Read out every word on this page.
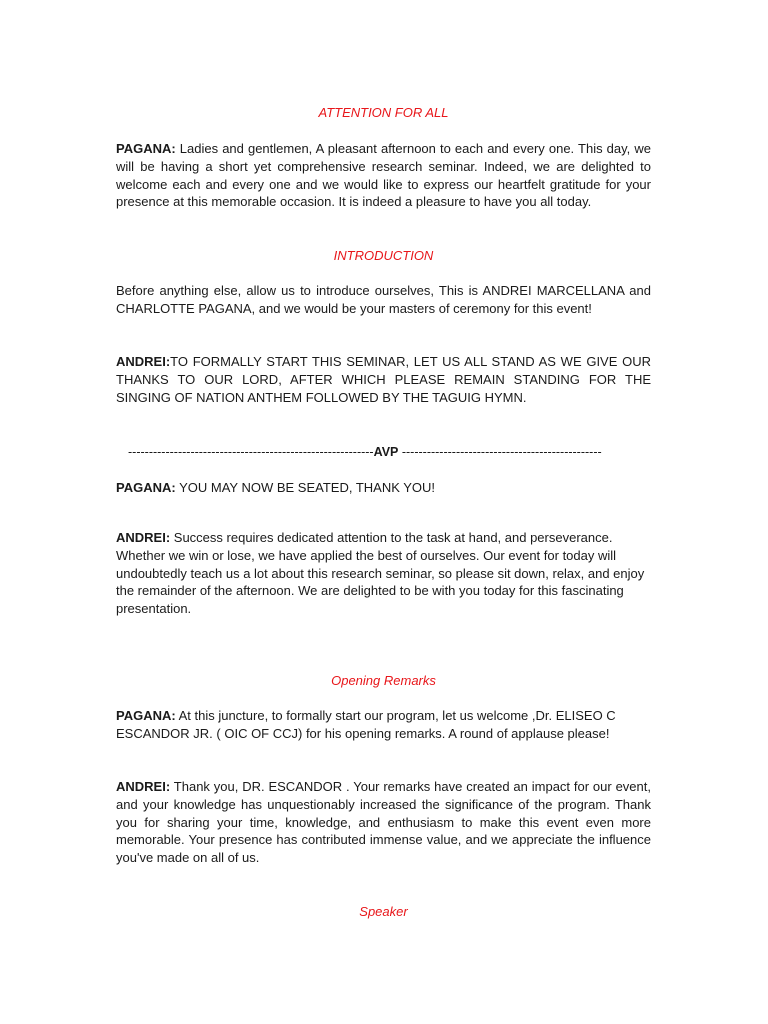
ATTENTION FOR ALL

PAGANA: Ladies and gentlemen, A pleasant afternoon to each and every one. This day, we will be having a short yet comprehensive research seminar. Indeed, we are delighted to welcome each and every one and we would like to express our heartfelt gratitude for your presence at this memorable occasion. It is indeed a pleasure to have you all today.

INTRODUCTION

Before anything else, allow us to introduce ourselves, This is ANDREI MARCELLANA and CHARLOTTE PAGANA, and we would be your masters of ceremony for this event!

ANDREI:TO FORMALLY START THIS SEMINAR, LET US ALL STAND AS WE GIVE OUR THANKS TO OUR LORD, AFTER WHICH PLEASE REMAIN STANDING FOR THE SINGING OF NATION ANTHEM FOLLOWED BY THE TAGUIG HYMN.

-----------------------------------------------------------AVP ------------------------------------------------

PAGANA: YOU MAY NOW BE SEATED, THANK YOU!

ANDREI: Success requires dedicated attention to the task at hand, and perseverance. Whether we win or lose, we have applied the best of ourselves. Our event for today will undoubtedly teach us a lot about this research seminar, so please sit down, relax, and enjoy the remainder of the afternoon. We are delighted to be with you today for this fascinating presentation.

Opening Remarks

PAGANA: At this juncture, to formally start our program, let us welcome ,Dr. ELISEO C ESCANDOR JR. ( OIC OF CCJ) for his opening remarks. A round of applause please!

ANDREI: Thank you, DR. ESCANDOR . Your remarks have created an impact for our event, and your knowledge has unquestionably increased the significance of the program. Thank you for sharing your time, knowledge, and enthusiasm to make this event even more memorable. Your presence has contributed immense value, and we appreciate the influence you've made on all of us.

Speaker
